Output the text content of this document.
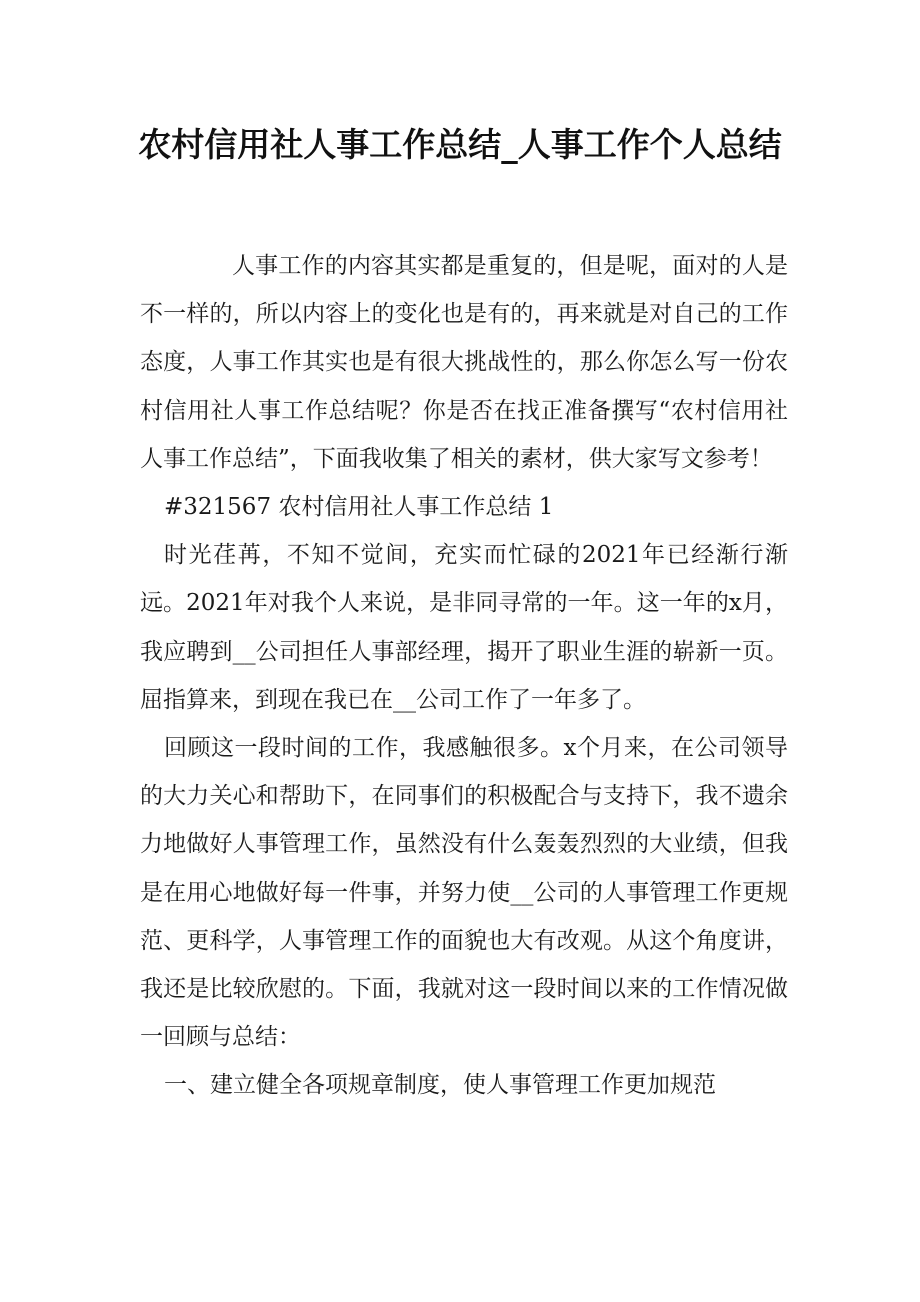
农村信用社人事工作总结_人事工作个人总结

人事工作的内容其实都是重复的，但是呢，面对的人是不一样的，所以内容上的变化也是有的，再来就是对自己的工作态度，人事工作其实也是有很大挑战性的，那么你怎么写一份农村信用社人事工作总结呢？你是否在找正准备撰写“农村信用社人事工作总结”，下面我收集了相关的素材，供大家写文参考！

#321567 农村信用社人事工作总结 1

时光荏苒，不知不觉间，充实而忙碌的2021年已经渐行渐远。2021年对我个人来说，是非同寻常的一年。这一年的x月，我应聘到__公司担任人事部经理，揭开了职业生涯的崭新一页。屈指算来，到现在我已在__公司工作了一年多了。

回顾这一段时间的工作，我感触很多。x个月来，在公司领导的大力关心和帮助下，在同事们的积极配合与支持下，我不遗余力地做好人事管理工作，虽然没有什么轰轰烈烈的大业绩，但我是在用心地做好每一件事，并努力使__公司的人事管理工作更规范、更科学，人事管理工作的面貌也大有改观。从这个角度讲，我还是比较欣慰的。下面，我就对这一段时间以来的工作情况做一回顾与总结：

一、建立健全各项规章制度，使人事管理工作更加规范
